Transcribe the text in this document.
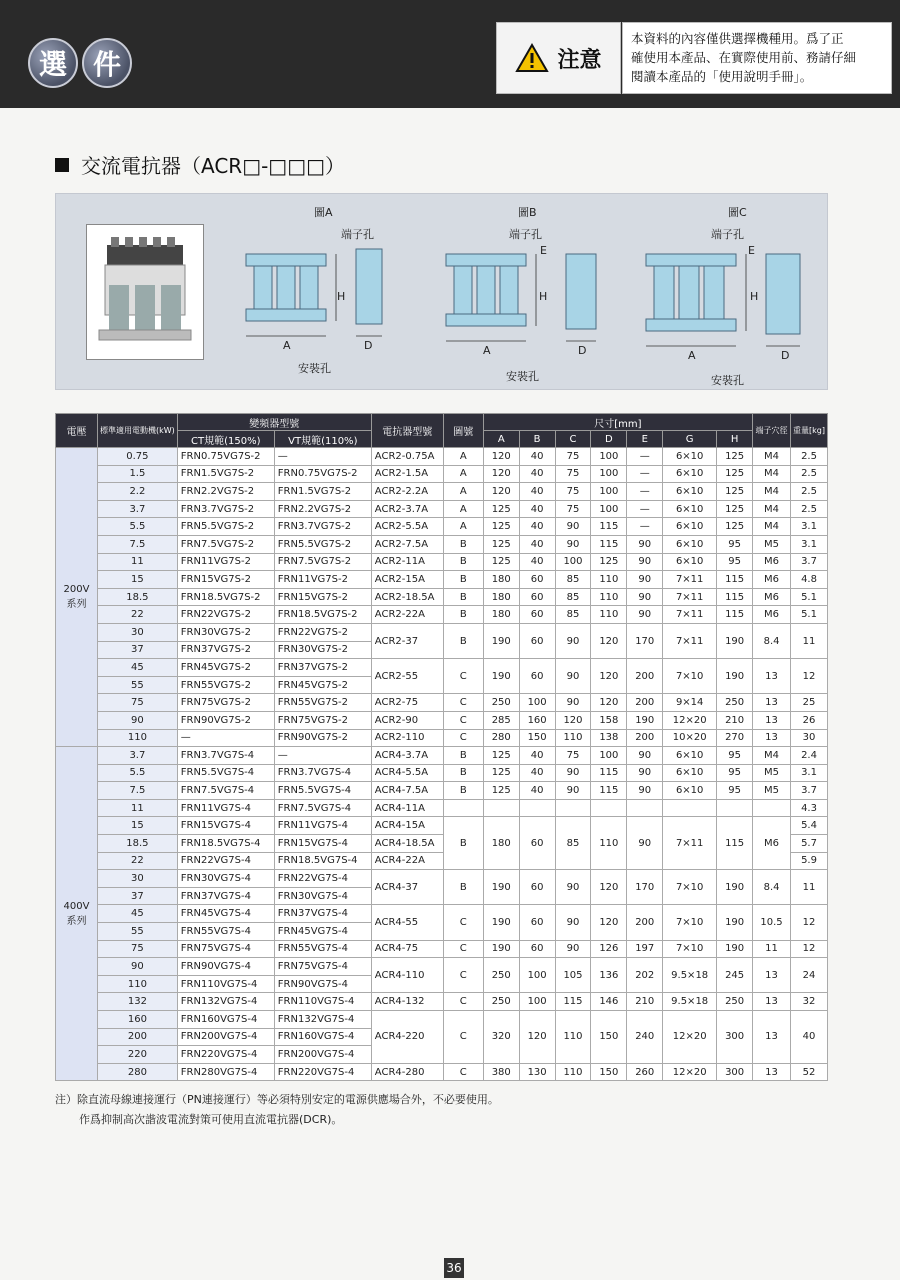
選 件	注意
本資料的內容僅供選擇機種用。爲了正
確使用本產品、在實際使用前、務請仔細
閱讀本產品的「使用說明手冊」。
交流電抗器（ACR□-□□□）
圖A	圖B	圖C
端子孔	端子孔	端子孔
A	A	A
H	H	H
D	D	D
E	E
安裝孔
安裝孔	安裝孔
電壓	標準適用電動機(kW)	變頻器型號		電抗器型號	圖號	尺寸[mm]							端子穴徑	重量[kg]
		CT規範(150%)	VT規範(110%)			A	B	C	D	E	G	H		
200V系列	0.75	FRN0.75VG7S-2	—	ACR2-0.75A	A	120	40	75	100	—	6×10	125	M4	2.5
	1.5	FRN1.5VG7S-2	FRN0.75VG7S-2	ACR2-1.5A	A	120	40	75	100	—	6×10	125	M4	2.5
	2.2	FRN2.2VG7S-2	FRN1.5VG7S-2	ACR2-2.2A	A	120	40	75	100	—	6×10	125	M4	2.5
	3.7	FRN3.7VG7S-2	FRN2.2VG7S-2	ACR2-3.7A	A	125	40	75	100	—	6×10	125	M4	2.5
	5.5	FRN5.5VG7S-2	FRN3.7VG7S-2	ACR2-5.5A	A	125	40	90	115	—	6×10	125	M4	3.1
	7.5	FRN7.5VG7S-2	FRN5.5VG7S-2	ACR2-7.5A	B	125	40	90	115	90	6×10	95	M5	3.1
	11	FRN11VG7S-2	FRN7.5VG7S-2	ACR2-11A	B	125	40	100	125	90	6×10	95	M6	3.7
	15	FRN15VG7S-2	FRN11VG7S-2	ACR2-15A	B	180	60	85	110	90	7×11	115	M6	4.8
	18.5	FRN18.5VG7S-2	FRN15VG7S-2	ACR2-18.5A	B	180	60	85	110	90	7×11	115	M6	5.1
	22	FRN22VG7S-2	FRN18.5VG7S-2	ACR2-22A	B	180	60	85	110	90	7×11	115	M6	5.1
	30	FRN30VG7S-2	FRN22VG7S-2	ACR2-37	B	190	60	90	120	170	7×11	190	8.4	11
	37	FRN37VG7S-2	FRN30VG7S-2											
	45	FRN45VG7S-2	FRN37VG7S-2	ACR2-55	C	190	60	90	120	200	7×10	190	13	12
	55	FRN55VG7S-2	FRN45VG7S-2											
	75	FRN75VG7S-2	FRN55VG7S-2	ACR2-75	C	250	100	90	120	200	9×14	250	13	25
	90	FRN90VG7S-2	FRN75VG7S-2	ACR2-90	C	285	160	120	158	190	12×20	210	13	26
	110	—	FRN90VG7S-2	ACR2-110	C	280	150	110	138	200	10×20	270	13	30
400V系列	3.7	FRN3.7VG7S-4	—	ACR4-3.7A	B	125	40	75	100	90	6×10	95	M4	2.4
	5.5	FRN5.5VG7S-4	FRN3.7VG7S-4	ACR4-5.5A	B	125	40	90	115	90	6×10	95	M5	3.1
	7.5	FRN7.5VG7S-4	FRN5.5VG7S-4	ACR4-7.5A	B	125	40	90	115	90	6×10	95	M5	3.7
	11	FRN11VG7S-4	FRN7.5VG7S-4	ACR4-11A										4.3
	15	FRN15VG7S-4	FRN11VG7S-4	ACR4-15A	B	180	60	85	110	90	7×11	115	M6	5.4
	18.5	FRN18.5VG7S-4	FRN15VG7S-4	ACR4-18.5A										5.7
	22	FRN22VG7S-4	FRN18.5VG7S-4	ACR4-22A										5.9
	30	FRN30VG7S-4	FRN22VG7S-4	ACR4-37	B	190	60	90	120	170	7×10	190	8.4	11
	37	FRN37VG7S-4	FRN30VG7S-4											
	45	FRN45VG7S-4	FRN37VG7S-4	ACR4-55	C	190	60	90	120	200	7×10	190	10.5	12
	55	FRN55VG7S-4	FRN45VG7S-4											
	75	FRN75VG7S-4	FRN55VG7S-4	ACR4-75	C	190	60	90	126	197	7×10	190	11	12
	90	FRN90VG7S-4	FRN75VG7S-4	ACR4-110	C	250	100	105	136	202	9.5×18	245	13	24
	110	FRN110VG7S-4	FRN90VG7S-4											
	132	FRN132VG7S-4	FRN110VG7S-4	ACR4-132	C	250	100	115	146	210	9.5×18	250	13	32
	160	FRN160VG7S-4	FRN132VG7S-4	ACR4-220	C	320	120	110	150	240	12×20	300	13	40
	200	FRN200VG7S-4	FRN160VG7S-4											
	220	FRN220VG7S-4	FRN200VG7S-4											
	280	FRN280VG7S-4	FRN220VG7S-4	ACR4-280	C	380	130	110	150	260	12×20	300	13	52
注）除直流母線連接運行（PN連接運行）等必須特別安定的電源供應場合外，不必要使用。
作爲抑制高次諧波電流對策可使用直流電抗器(DCR)。
36
